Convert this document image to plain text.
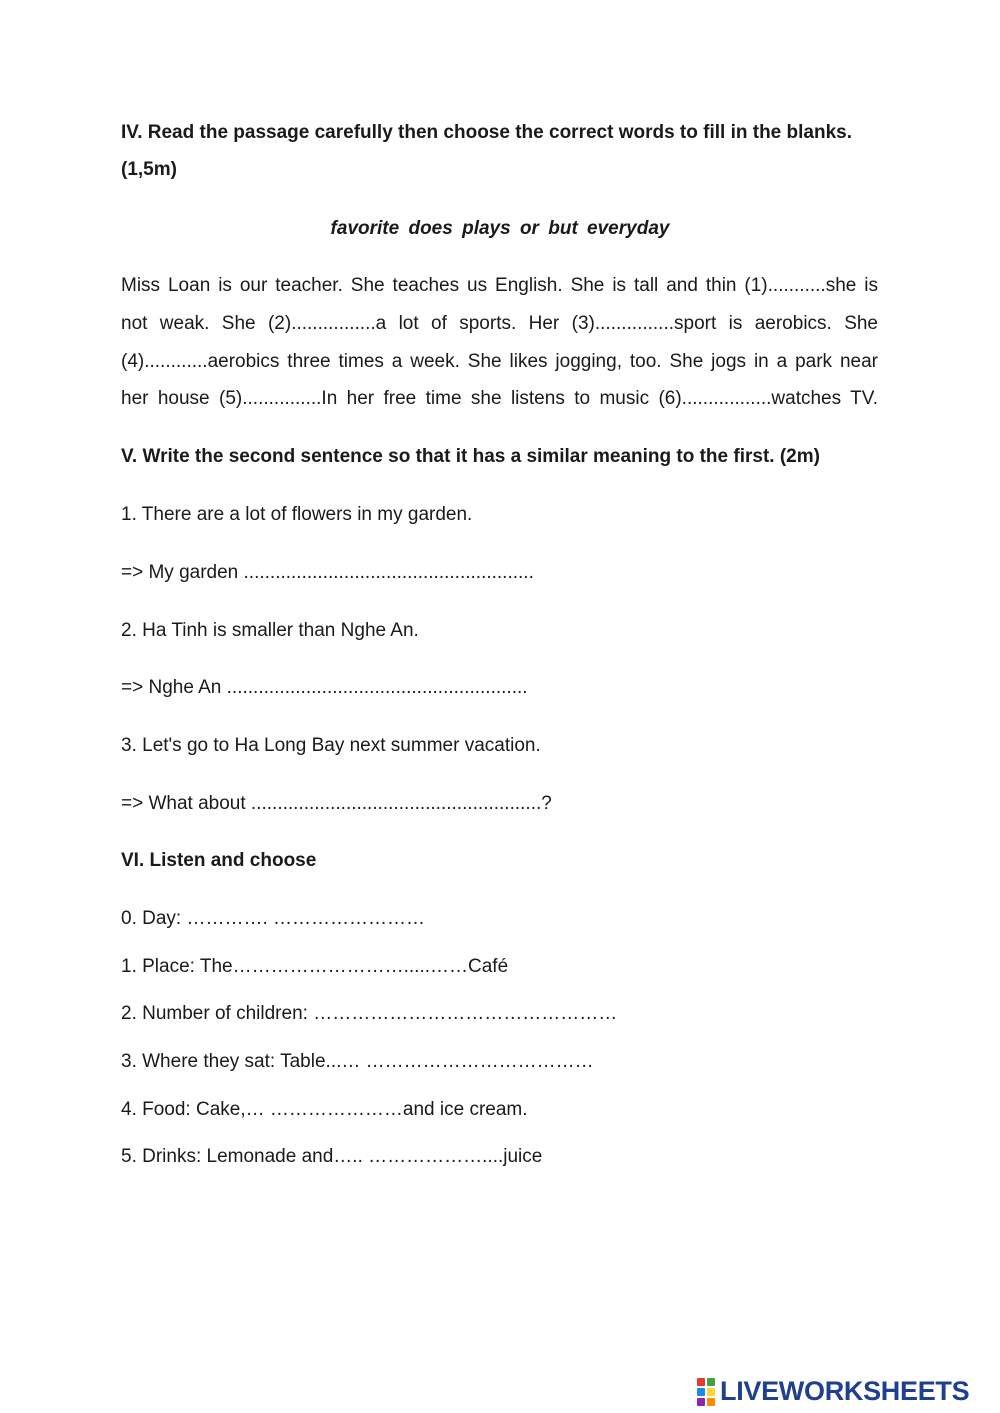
IV. Read the passage carefully then choose the correct words to fill in the blanks.
(1,5m)
favorite does plays or but everyday
Miss Loan is our teacher. She teaches us English. She is tall and thin (1)...........she is
not weak. She (2)................a lot of sports. Her (3)...............sport is aerobics. She
(4)............aerobics three times a week. She likes jogging, too. She jogs in a park near
her house (5)...............In her free time she listens to music (6).................watches TV.
V. Write the second sentence so that it has a similar meaning to the first. (2m)
1. There are a lot of flowers in my garden.
=> My garden .......................................................
2. Ha Tinh is smaller than Nghe An.
=> Nghe An .........................................................
3. Let's go to Ha Long Bay next summer vacation.
=> What about .......................................................?
VI. Listen and choose
0. Day: …………. ……………………
1. Place: The……………………….....……Café
2. Number of children: …………………………………………
3. Where they sat: Table...… ………………………………
4. Food: Cake,… …………………and ice cream.
5. Drinks: Lemonade and….. ………………....juice
LIVEWORKSHEETS
